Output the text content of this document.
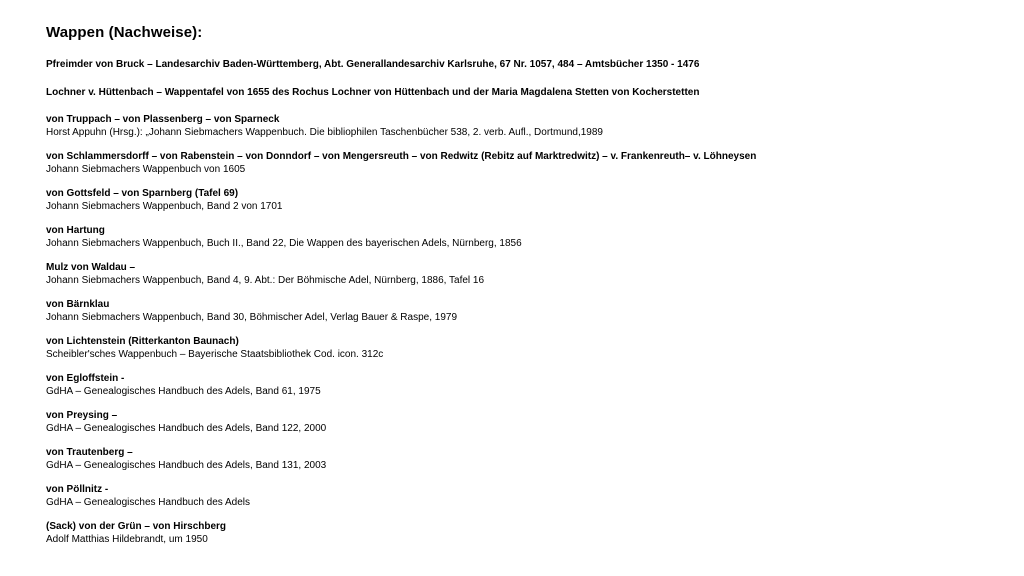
Wappen (Nachweise):
Pfreimder von Bruck – Landesarchiv Baden-Württemberg, Abt. Generallandesarchiv Karlsruhe, 67 Nr. 1057, 484 – Amtsbücher 1350 - 1476
Lochner v. Hüttenbach – Wappentafel von 1655 des Rochus Lochner von Hüttenbach und der Maria Magdalena Stetten von Kocherstetten
von Truppach – von Plassenberg – von Sparneck
Horst Appuhn (Hrsg.): „Johann Siebmachers Wappenbuch. Die bibliophilen Taschenbücher 538, 2. verb. Aufl., Dortmund,1989
von Schlammersdorff – von Rabenstein – von Donndorf – von Mengersreuth – von Redwitz (Rebitz auf Marktredwitz) – v. Frankenreuth– v. Löhneysen
Johann Siebmachers Wappenbuch von 1605
von Gottsfeld – von Sparnberg (Tafel 69)
Johann Siebmachers Wappenbuch, Band 2 von 1701
von Hartung
Johann Siebmachers Wappenbuch, Buch II., Band 22, Die Wappen des bayerischen Adels, Nürnberg, 1856
Mulz von Waldau –
Johann Siebmachers Wappenbuch, Band 4, 9. Abt.: Der Böhmische Adel, Nürnberg, 1886, Tafel 16
von Bärnklau
Johann Siebmachers Wappenbuch, Band 30, Böhmischer Adel, Verlag Bauer & Raspe, 1979
von Lichtenstein (Ritterkanton Baunach)
Scheibler'sches Wappenbuch – Bayerische Staatsbibliothek Cod. icon. 312c
von Egloffstein -
GdHA – Genealogisches Handbuch des Adels, Band 61, 1975
von Preysing –
GdHA – Genealogisches Handbuch des Adels, Band 122, 2000
von Trautenberg –
GdHA – Genealogisches Handbuch des Adels, Band 131, 2003
von Pöllnitz -
GdHA – Genealogisches Handbuch des Adels
(Sack) von der Grün – von Hirschberg
Adolf Matthias Hildebrandt, um 1950
